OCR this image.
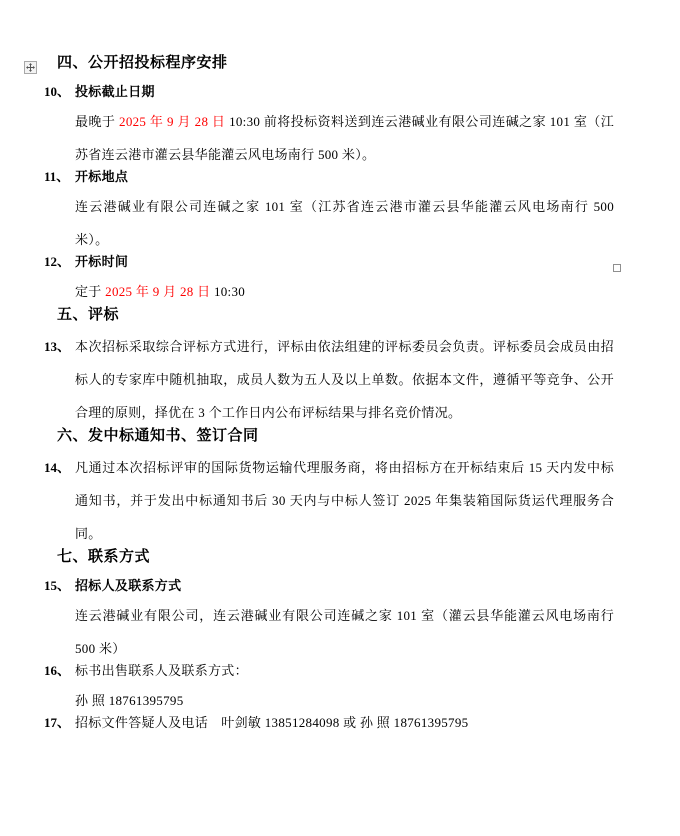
四、公开招投标程序安排
10、 投标截止日期
最晚于 2025 年 9 月 28 日 10:30 前将投标资料送到连云港碱业有限公司连碱之家 101 室（江苏省连云港市灌云县华能灌云风电场南行 500 米）。
11、 开标地点
连云港碱业有限公司连碱之家 101 室（江苏省连云港市灌云县华能灌云风电场南行 500 米）。
12、 开标时间
定于 2025 年 9 月 28 日 10:30
五、评标
13、 本次招标采取综合评标方式进行，评标由依法组建的评标委员会负责。评标委员会成员由招标人的专家库中随机抽取，成员人数为五人及以上单数。依据本文件，遵循平等竞争、公开合理的原则，择优在 3 个工作日内公布评标结果与排名竞价情况。
六、发中标通知书、签订合同
14、 凡通过本次招标评审的国际货物运输代理服务商，将由招标方在开标结束后 15 天内发中标通知书，并于发出中标通知书后 30 天内与中标人签订 2025 年集装箱国际货运代理服务合同。
七、联系方式
15、 招标人及联系方式
连云港碱业有限公司，连云港碱业有限公司连碱之家 101 室（灌云县华能灌云风电场南行 500 米）
16、 标书出售联系人及联系方式：
孙 照 18761395795
17、 招标文件答疑人及电话　叶剑敏 13851284098 或 孙 照 18761395795
